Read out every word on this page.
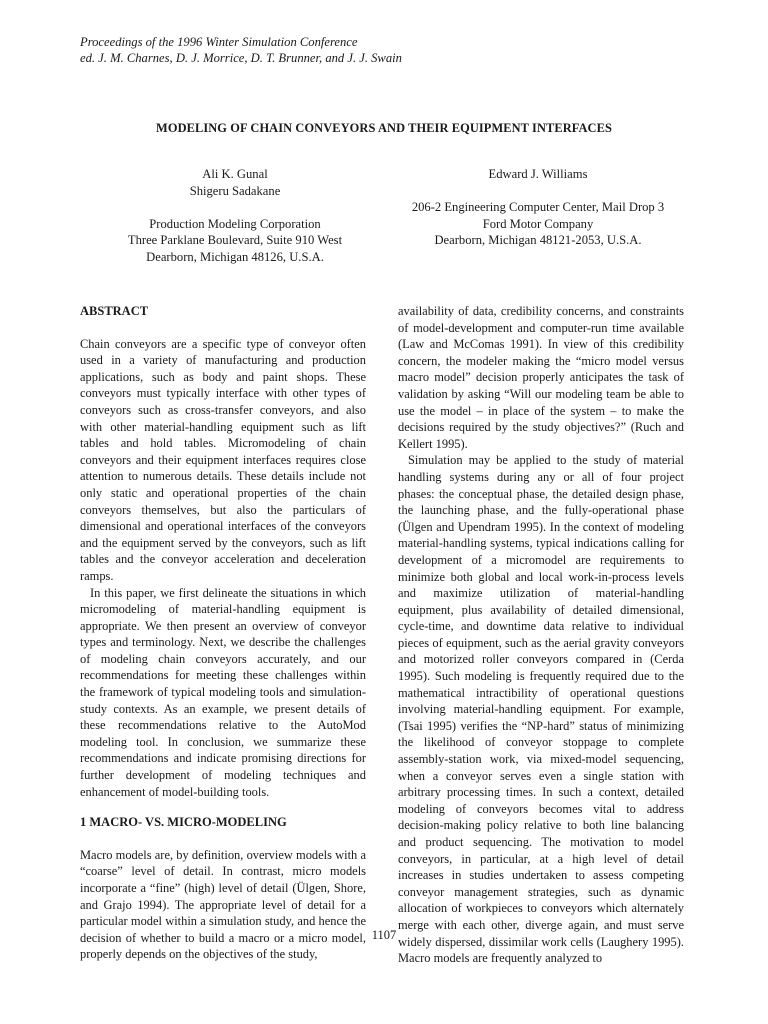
Proceedings of the 1996 Winter Simulation Conference
ed. J. M. Charnes, D. J. Morrice, D. T. Brunner, and J. J. Swain
MODELING OF CHAIN CONVEYORS AND THEIR EQUIPMENT INTERFACES
Ali K. Gunal
Shigeru Sadakane
Production Modeling Corporation
Three Parklane Boulevard, Suite 910 West
Dearborn, Michigan 48126, U.S.A.
Edward J. Williams
206-2 Engineering Computer Center, Mail Drop 3
Ford Motor Company
Dearborn, Michigan 48121-2053, U.S.A.
ABSTRACT

Chain conveyors are a specific type of conveyor often used in a variety of manufacturing and production applications, such as body and paint shops. These conveyors must typically interface with other types of conveyors such as cross-transfer conveyors, and also with other material-handling equipment such as lift tables and hold tables. Micromodeling of chain conveyors and their equipment interfaces requires close attention to numerous details. These details include not only static and operational properties of the chain conveyors themselves, but also the particulars of dimensional and operational interfaces of the conveyors and the equipment served by the conveyors, such as lift tables and the conveyor acceleration and deceleration ramps.

In this paper, we first delineate the situations in which micromodeling of material-handling equipment is appropriate. We then present an overview of conveyor types and terminology. Next, we describe the challenges of modeling chain conveyors accurately, and our recommendations for meeting these challenges within the framework of typical modeling tools and simulation-study contexts. As an example, we present details of these recommendations relative to the AutoMod modeling tool. In conclusion, we summarize these recommendations and indicate promising directions for further development of modeling techniques and enhancement of model-building tools.

1 MACRO- VS. MICRO-MODELING

Macro models are, by definition, overview models with a “coarse” level of detail. In contrast, micro models incorporate a “fine” (high) level of detail (Ülgen, Shore, and Grajo 1994). The appropriate level of detail for a particular model within a simulation study, and hence the decision of whether to build a macro or a micro model, properly depends on the objectives of the study,

availability of data, credibility concerns, and constraints of model-development and computer-run time available (Law and McComas 1991). In view of this credibility concern, the modeler making the “micro model versus macro model” decision properly anticipates the task of validation by asking “Will our modeling team be able to use the model – in place of the system – to make the decisions required by the study objectives?” (Ruch and Kellert 1995).

Simulation may be applied to the study of material handling systems during any or all of four project phases: the conceptual phase, the detailed design phase, the launching phase, and the fully-operational phase (Ülgen and Upendram 1995). In the context of modeling material-handling systems, typical indications calling for development of a micromodel are requirements to minimize both global and local work-in-process levels and maximize utilization of material-handling equipment, plus availability of detailed dimensional, cycle-time, and downtime data relative to individual pieces of equipment, such as the aerial gravity conveyors and motorized roller conveyors compared in (Cerda 1995). Such modeling is frequently required due to the mathematical intractibility of operational questions involving material-handling equipment. For example, (Tsai 1995) verifies the “NP-hard” status of minimizing the likelihood of conveyor stoppage to complete assembly-station work, via mixed-model sequencing, when a conveyor serves even a single station with arbitrary processing times. In such a context, detailed modeling of conveyors becomes vital to address decision-making policy relative to both line balancing and product sequencing. The motivation to model conveyors, in particular, at a high level of detail increases in studies undertaken to assess competing conveyor management strategies, such as dynamic allocation of workpieces to conveyors which alternately merge with each other, diverge again, and must serve widely dispersed, dissimilar work cells (Laughery 1995). Macro models are frequently analyzed to

1107
